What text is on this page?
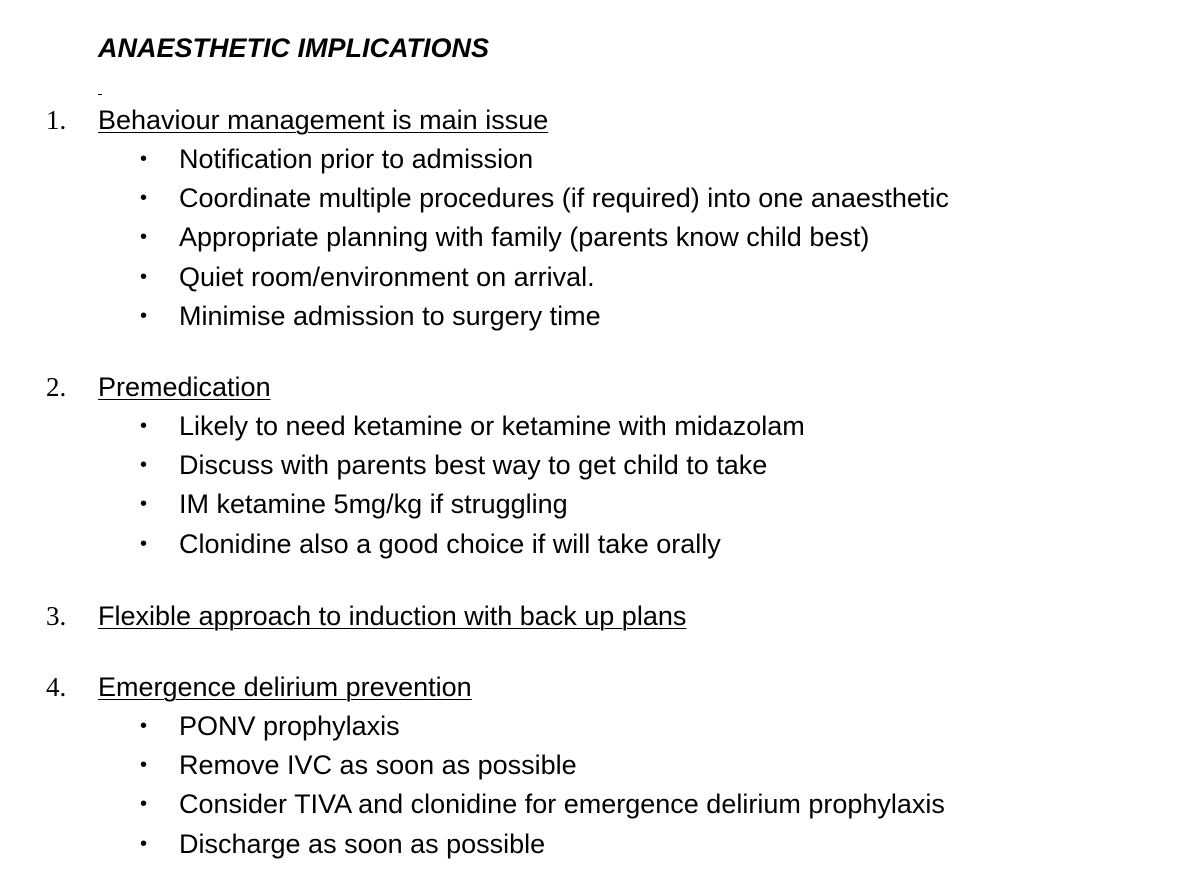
ANAESTHETIC IMPLICATIONS
1. Behaviour management is main issue
• Notification prior to admission
• Coordinate multiple procedures (if required) into one anaesthetic
• Appropriate planning with family (parents know child best)
• Quiet room/environment on arrival.
• Minimise admission to surgery time
2. Premedication
• Likely to need ketamine or ketamine with midazolam
• Discuss with parents best way to get child to take
• IM ketamine 5mg/kg if struggling
• Clonidine also a good choice if will take orally
3. Flexible approach to induction with back up plans
4. Emergence delirium prevention
• PONV prophylaxis
• Remove IVC as soon as possible
• Consider TIVA and clonidine for emergence delirium prophylaxis
• Discharge as soon as possible
